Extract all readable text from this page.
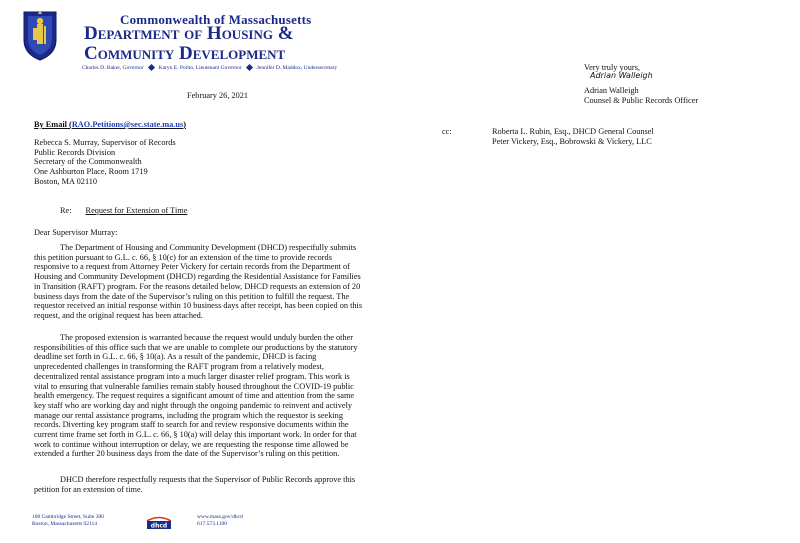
Commonwealth of Massachusetts
Department of Housing &
Community Development
Charles D. Baker, Governor	Karyn E. Polito, Lieutenant Governor	Jennifer D. Maddox, Undersecretary
February 26, 2021
By Email (RAO.Petitions@sec.state.ma.us)
Rebecca S. Murray, Supervisor of Records
Public Records Division
Secretary of the Commonwealth
One Ashburton Place, Room 1719
Boston, MA 02110
Re: Request for Extension of Time
Dear Supervisor Murray:

The Department of Housing and Community Development (DHCD) respectfully submits this petition pursuant to G.L. c. 66, § 10(c) for an extension of the time to provide records responsive to a request from Attorney Peter Vickery for certain records from the Department of Housing and Community Development (DHCD) regarding the Residential Assistance for Families in Transition (RAFT) program. For the reasons detailed below, DHCD requests an extension of 20 business days from the date of the Supervisor’s ruling on this petition to fulfill the request. The requestor received an initial response within 10 business days after receipt, has been copied on this request, and the original request has been attached.

The proposed extension is warranted because the request would unduly burden the other responsibilities of this office such that we are unable to complete our productions by the statutory deadline set forth in G.L. c. 66, § 10(a). As a result of the pandemic, DHCD is facing unprecedented challenges in transforming the RAFT program from a relatively modest, decentralized rental assistance program into a much larger disaster relief program. This work is vital to ensuring that vulnerable families remain stably housed throughout the COVID-19 public health emergency. The request requires a significant amount of time and attention from the same key staff who are working day and night through the ongoing pandemic to reinvent and actively manage our rental assistance programs, including the program which the requestor is seeking records. Diverting key program staff to search for and review responsive documents within the current time frame set forth in G.L. c. 66, § 10(a) will delay this important work. In order for that work to continue without interruption or delay, we are requesting the response time allowed be extended a further 20 business days from the date of the Supervisor’s ruling on this petition.

DHCD therefore respectfully requests that the Supervisor of Public Records approve this petition for an extension of time.

Very truly yours,
Adrian Walleigh
Adrian Walleigh
Counsel & Public Records Officer
cc:	Roberta L. Rubin, Esq., DHCD General Counsel
Peter Vickery, Esq., Bobrowski & Vickery, LLC
100 Cambridge Street, Suite 300
Boston, Massachusetts 02114	dhcd
www.mass.gov/dhcd
617.573.1100
